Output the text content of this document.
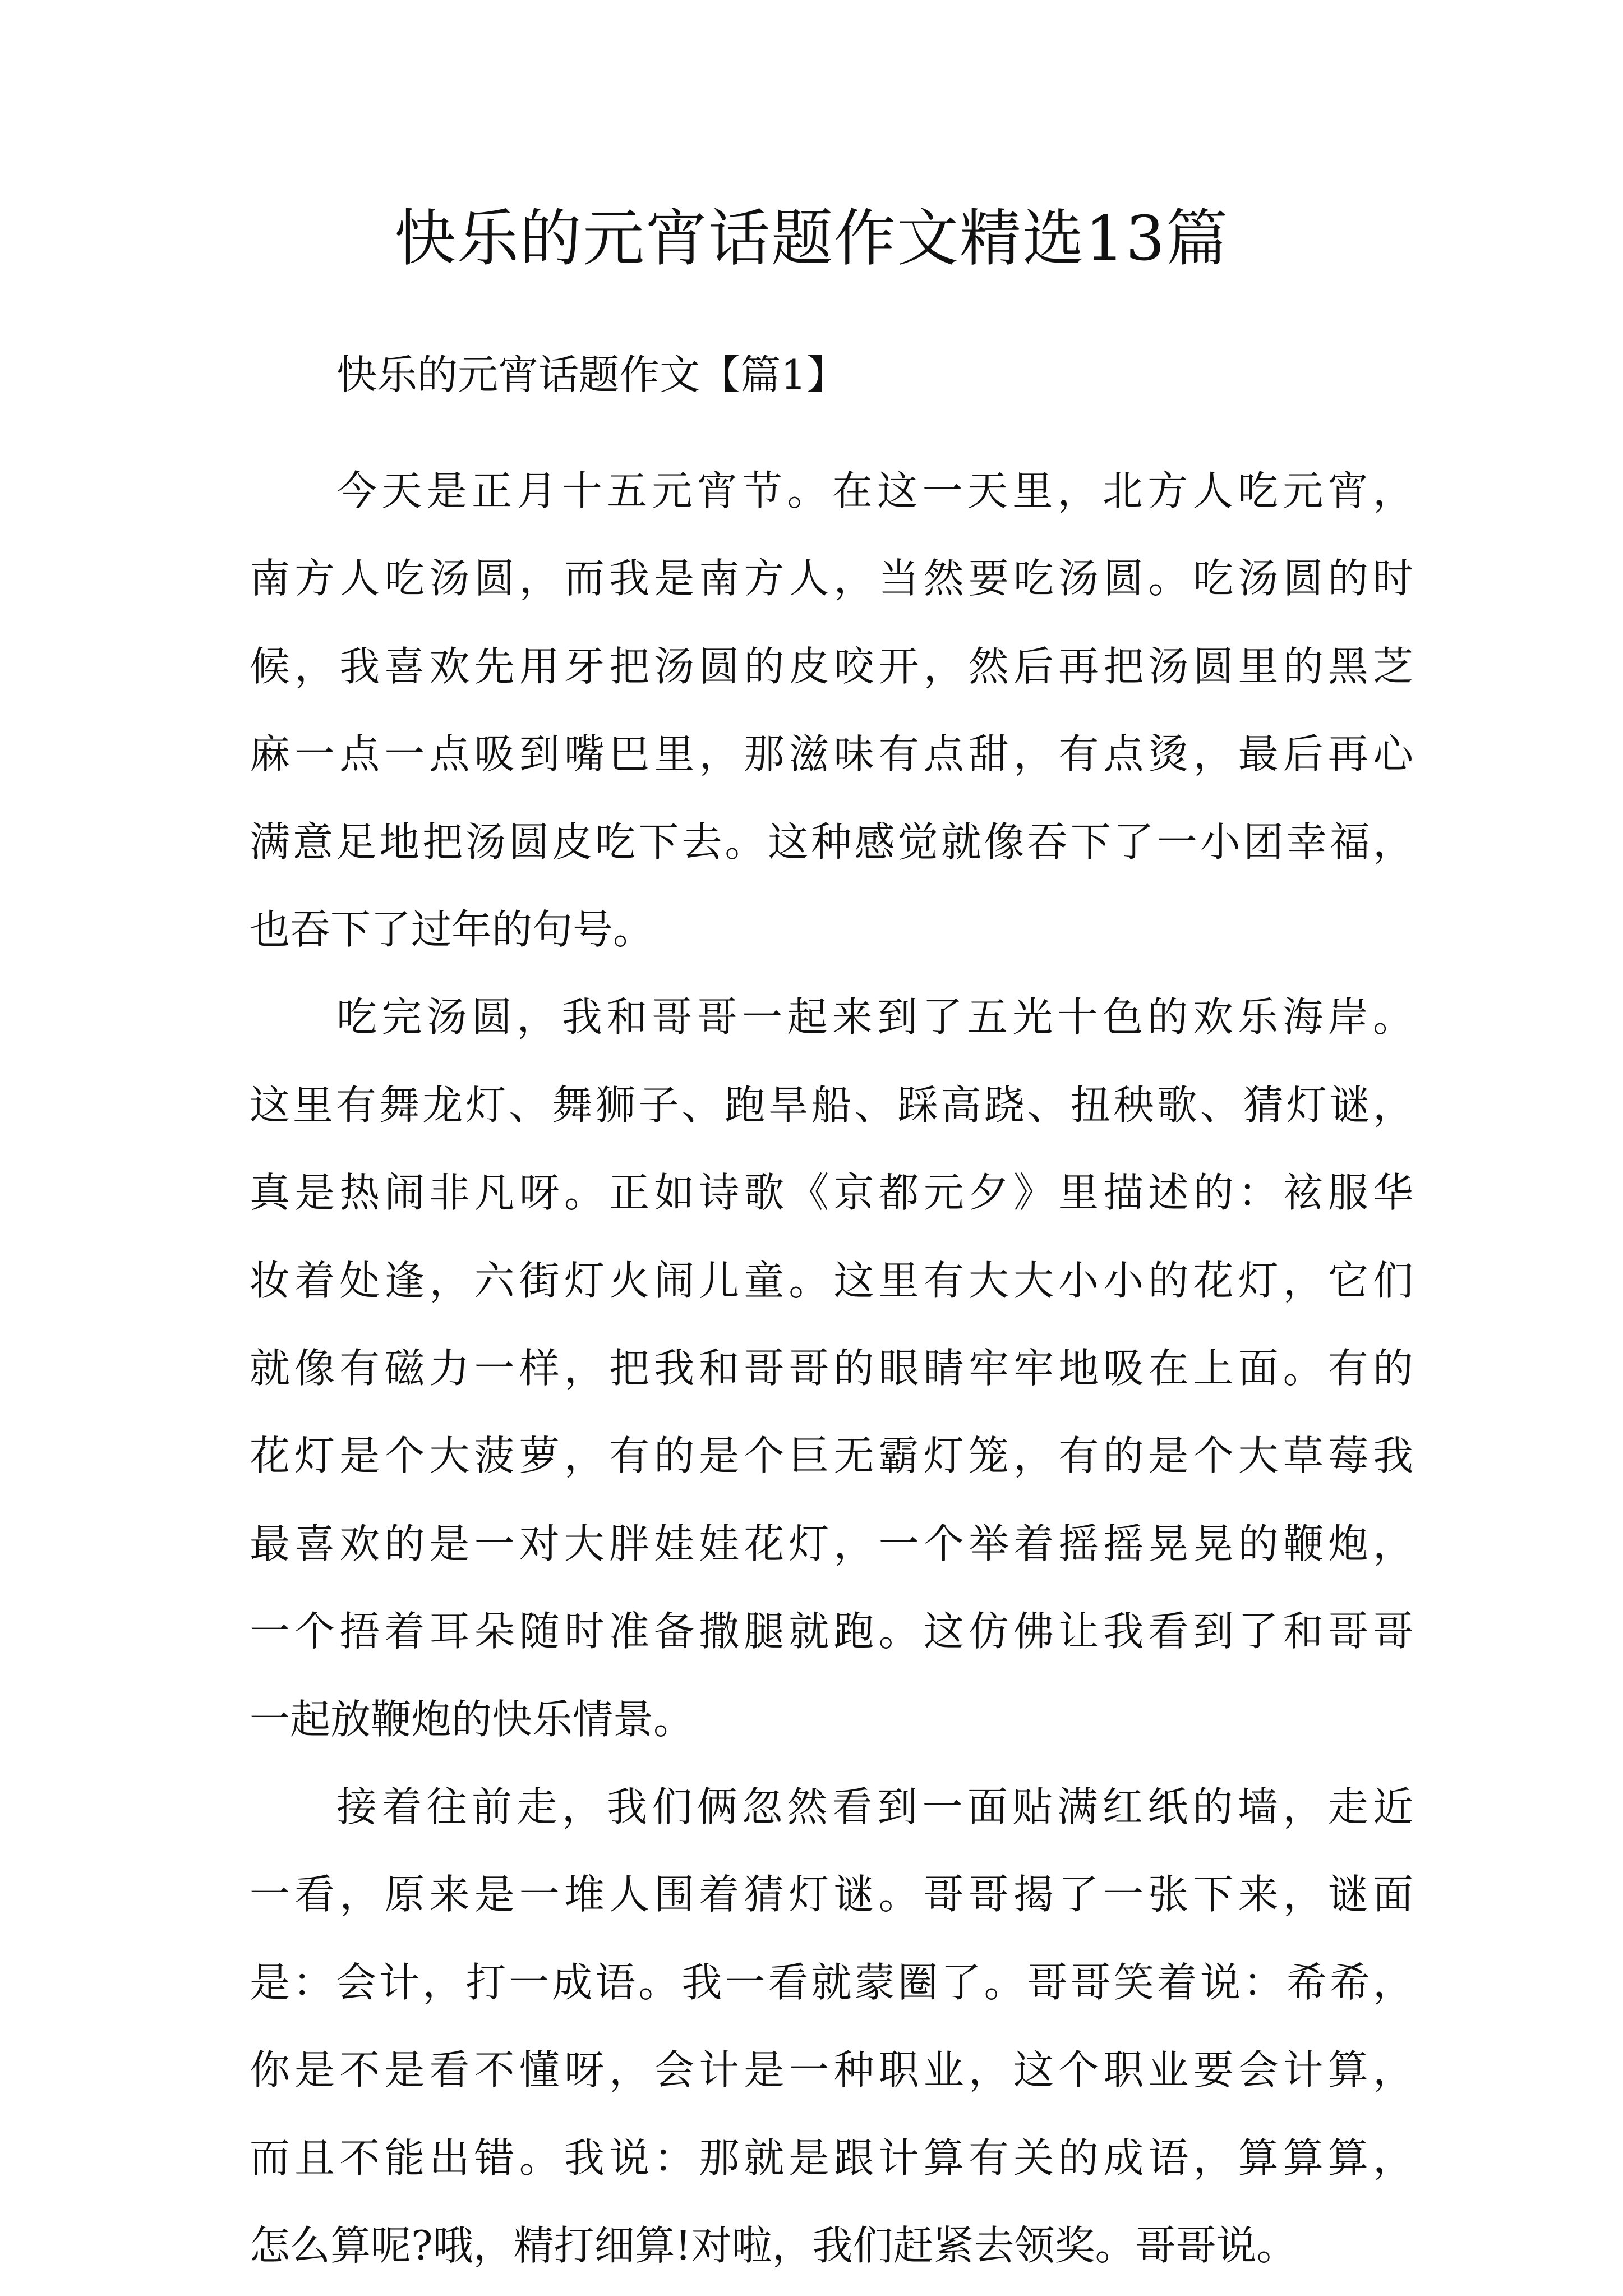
快乐的元宵话题作文精选13篇
快乐的元宵话题作文【篇1】
今天是正月十五元宵节。在这一天里，北方人吃元宵，
南方人吃汤圆，而我是南方人，当然要吃汤圆。吃汤圆的时
候，我喜欢先用牙把汤圆的皮咬开，然后再把汤圆里的黑芝
麻一点一点吸到嘴巴里，那滋味有点甜，有点烫，最后再心
满意足地把汤圆皮吃下去。这种感觉就像吞下了一小团幸福，
也吞下了过年的句号。
吃完汤圆，我和哥哥一起来到了五光十色的欢乐海岸。
这里有舞龙灯、舞狮子、跑旱船、踩高跷、扭秧歌、猜灯谜，
真是热闹非凡呀。正如诗歌《京都元夕》里描述的：袨服华
妆着处逢，六街灯火闹儿童。这里有大大小小的花灯，它们
就像有磁力一样，把我和哥哥的眼睛牢牢地吸在上面。有的
花灯是个大菠萝，有的是个巨无霸灯笼，有的是个大草莓我
最喜欢的是一对大胖娃娃花灯，一个举着摇摇晃晃的鞭炮，
一个捂着耳朵随时准备撒腿就跑。这仿佛让我看到了和哥哥
一起放鞭炮的快乐情景。
接着往前走，我们俩忽然看到一面贴满红纸的墙，走近
一看，原来是一堆人围着猜灯谜。哥哥揭了一张下来，谜面
是：会计，打一成语。我一看就蒙圈了。哥哥笑着说：希希，
你是不是看不懂呀，会计是一种职业，这个职业要会计算，
而且不能出错。我说：那就是跟计算有关的成语，算算算，
怎么算呢?哦，精打细算!对啦，我们赶紧去领奖。哥哥说。
